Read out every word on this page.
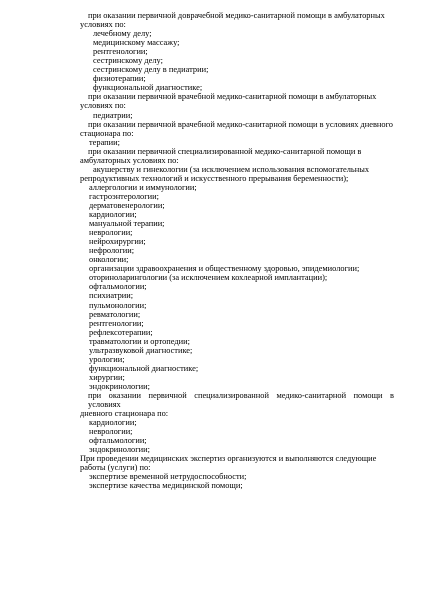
при оказании первичной доврачебной медико-санитарной помощи в амбулаторных
условиях по:
лечебному делу;
медицинскому массажу;
рентгенологии;
сестринскому делу;
сестринскому делу в педиатрии;
физиотерапии;
функциональной диагностике;
при оказании первичной врачебной медико-санитарной помощи в амбулаторных
условиях по:
педиатрии;
при оказании первичной врачебной медико-санитарной помощи в условиях дневного
стационара по:
терапии;
при оказании первичной специализированной медико-санитарной помощи в
амбулаторных условиях по:
акушерству и гинекологии (за исключением использования вспомогательных
репродуктивных технологий и искусственного прерывания беременности);
аллергологии и иммунологии;
гастроэнтерологии;
дерматовенерологии;
кардиологии;
мануальной терапии;
неврологии;
нейрохирургии;
нефрологии;
онкологии;
организации здравоохранения и общественному здоровью, эпидемиологии;
оториноларингологии (за исключением кохлеарной имплантации);
офтальмологии;
психиатрии;
пульмонологии;
ревматологии;
рентгенологии;
рефлексотерапии;
травматологии и ортопедии;
ультразвуковой диагностике;
урологии;
функциональной диагностике;
хирургии;
эндокринологии;
при оказании первичной специализированной медико-санитарной помощи в условиях
дневного стационара по:
кардиологии;
неврологии;
офтальмологии;
эндокринологии;
При проведении медицинских экспертиз организуются и выполняются следующие
работы (услуги) по:
экспертизе временной нетрудоспособности;
экспертизе качества медицинской помощи;
